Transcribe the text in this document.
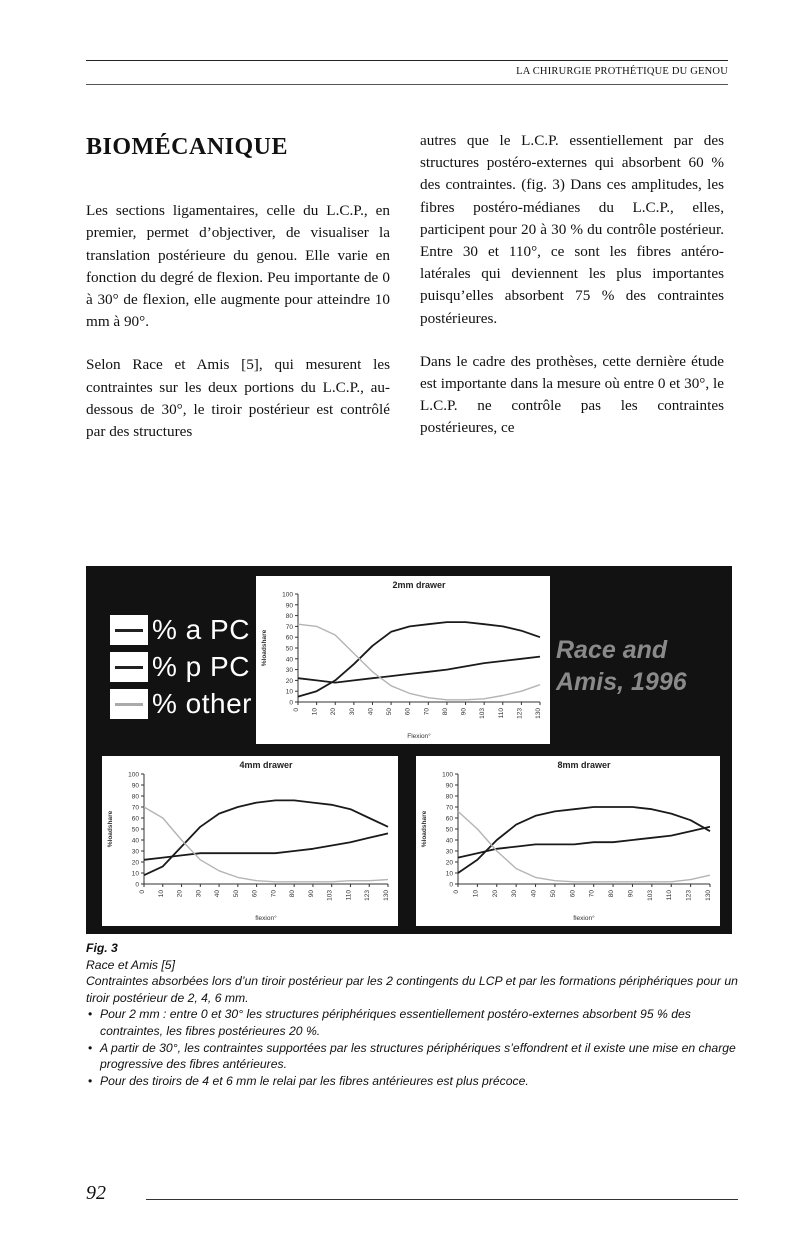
LA CHIRURGIE PROTHÉTIQUE DU GENOU
BIOMÉCANIQUE

Les sections ligamentaires, celle du L.C.P., en premier, permet d’objectiver, de visualiser la translation postérieure du genou. Elle varie en fonction du degré de flexion. Peu importante de 0 à 30° de flexion, elle augmente pour atteindre 10 mm à 90°.

Selon Race et Amis [5], qui mesurent les contraintes sur les deux portions du L.C.P., au-dessous de 30°, le tiroir postérieur est contrôlé par des structures

autres que le L.C.P. essentiellement par des structures postéro-externes qui absorbent 60 % des contraintes. (fig. 3) Dans ces amplitudes, les fibres postéro-médianes du L.C.P., elles, participent pour 20 à 30 % du contrôle postérieur. Entre 30 et 110°, ce sont les fibres antéro-latérales qui deviennent les plus importantes puisqu’elles absorbent 75 % des contraintes postérieures.

Dans le cadre des prothèses, cette dernière étude est importante dans la mesure où entre 0 et 30°, le L.C.P. ne contrôle pas les contraintes postérieures, ce

% a PC
% p PC
% other
Race and
Amis, 1996
2mm drawer
0
10
20
30
40
50
60
70
80
90
100
0 10 20 30 40 50 60 70 80 90 103 110 123 130
Flexion°
%loadshare
4mm drawer
0
10
20
30
40
50
60
70
80
90
100
0 10 20 30 40 50 60 70 80 90 103 110 123 130
flexion°
%loadshare
8mm drawer
0
10
20
30
40
50
60
70
80
90
100
0 10 20 30 40 50 60 70 80 90 103 110 123 130
flexion°
%loadshare
Fig. 3
Race et Amis [5]
Contraintes absorbées lors d’un tiroir postérieur par les 2 contingents du LCP et par les formations périphériques pour un tiroir postérieur de 2, 4, 6 mm.
• Pour 2 mm : entre 0 et 30° les structures périphériques essentiellement postéro-externes absorbent 95 % des contraintes, les fibres postérieures 20 %.
• A partir de 30°, les contraintes supportées par les structures périphériques s’effondrent et il existe une mise en charge progressive des fibres antérieures.
• Pour des tiroirs de 4 et 6 mm le relai par les fibres antérieures est plus précoce.
92
